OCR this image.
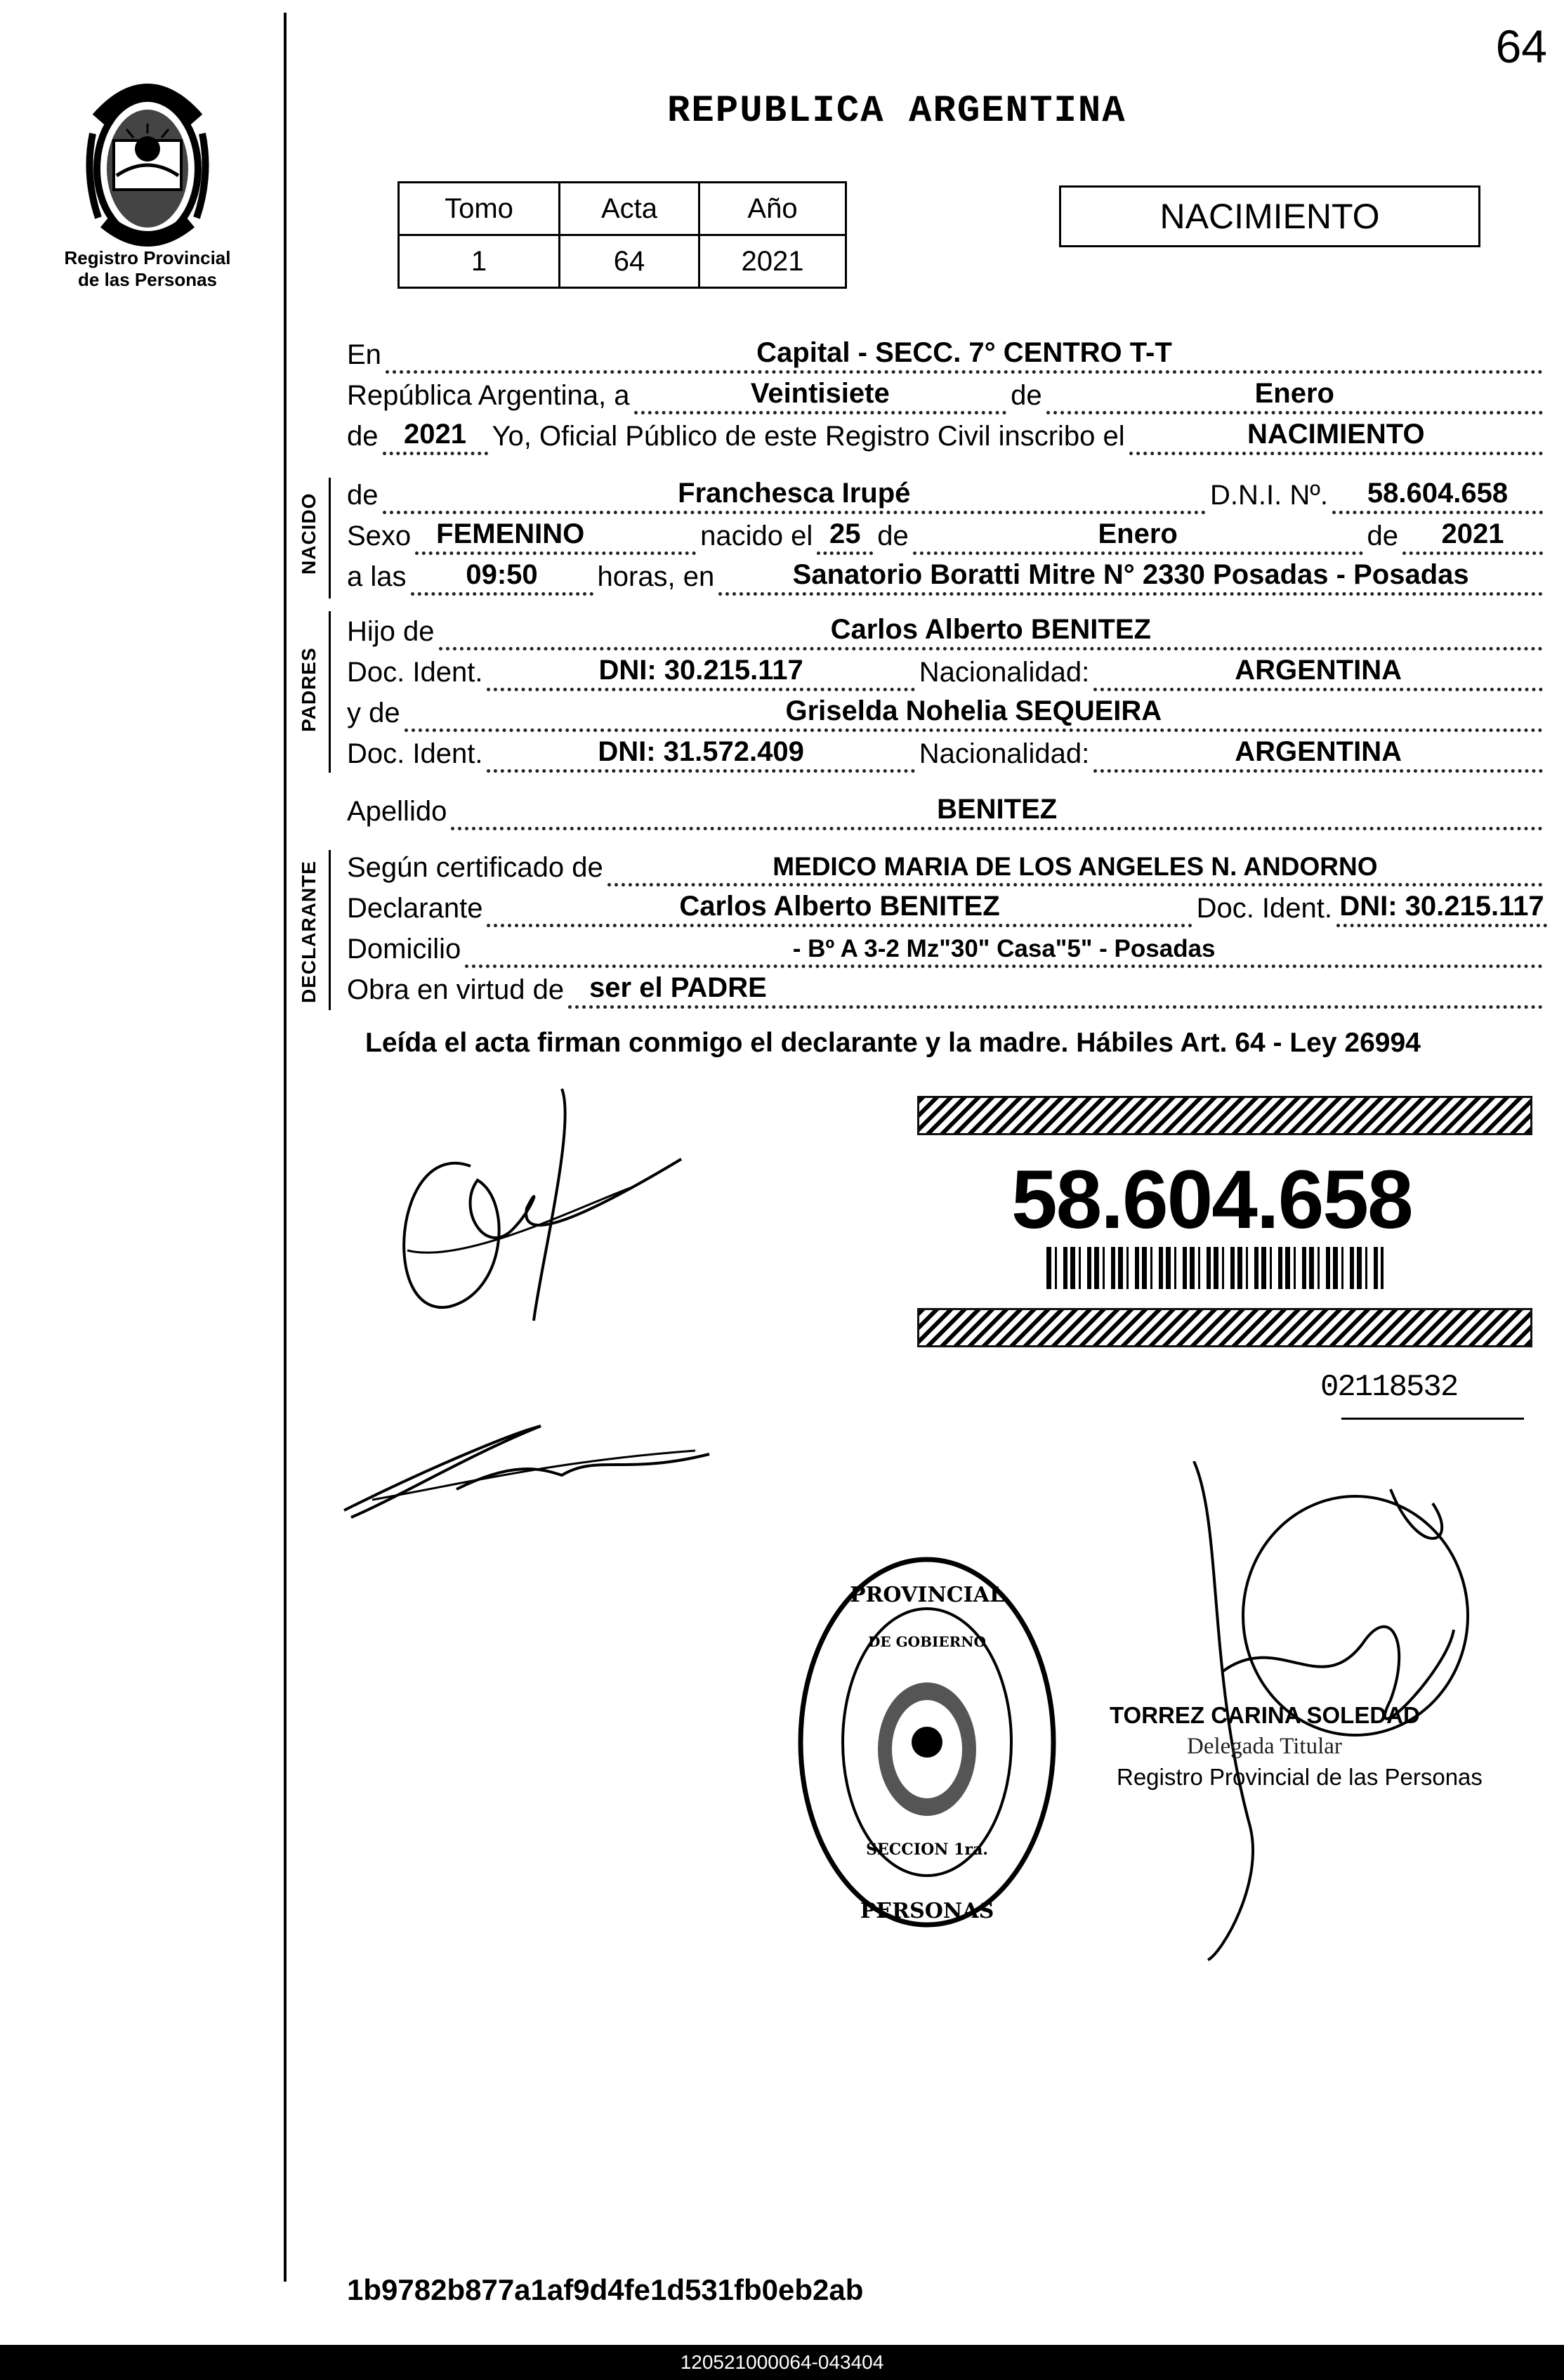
64
Registro Provincial
de las Personas
REPUBLICA ARGENTINA
Tomo	Acta	Año
1	64	2021
NACIMIENTO
En	Capital - SECC. 7° CENTRO T-T
República Argentina, a	Veintisiete	de	Enero
de 2021 Yo, Oficial Público de este Registro Civil inscribo el	NACIMIENTO
NACIDO de	Franchesca Irupé	D.N.I. Nº.	58.604.658
Sexo FEMENINO	nacido el 25 de	Enero	de	2021
a las	09:50	horas, en	Sanatorio Boratti Mitre N° 2330 Posadas - Posadas
PADRES
Hijo de	Carlos Alberto BENITEZ
Doc. Ident.	DNI: 30.215.117	Nacionalidad:	ARGENTINA
y de	Griselda Nohelia SEQUEIRA
Doc. Ident.	DNI: 31.572.409	Nacionalidad:	ARGENTINA
Apellido	BENITEZ
DECLARANTE Según certificado de	MEDICO MARIA DE LOS ANGELES N. ANDORNO
Declarante	Carlos Alberto BENITEZ	Doc. Ident. DNI: 30.215.117
Domicilio	- Bº A 3-2 Mz"30" Casa"5" - Posadas
Obra en virtud de ser el PADRE
Leída el acta firman conmigo el declarante y la madre. Hábiles Art. 64 - Ley 26994
58.604.658
02118532
PROVINCIAL
PERSONAS
DE GOBIERNO
SECCION 1ra.
TORREZ CARINA SOLEDAD
Delegada Titular
Registro Provincial de las Personas
1b9782b877a1af9d4fe1d531fb0eb2ab
120521000064-043404
